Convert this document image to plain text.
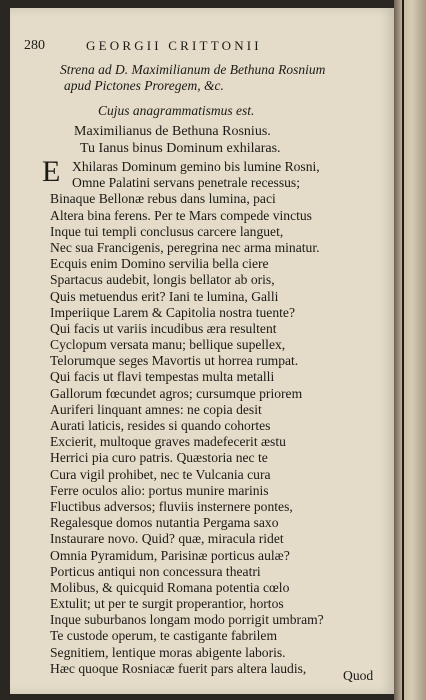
280	GEORGII CRITTONII
Strena ad D. Maximilianum de Bethuna Rosnium
apud Pictones Proregem, &c.
Cujus anagrammatismus est.
Maximilianus de Bethuna Rosnius.
Tu Ianus binus Dominum exhilaras.
E Xhilaras Dominum gemino bis lumine Rosni,
Omne Palatini servans penetrale recessus;
Binaque Bellonæ rebus dans lumina, paci
Altera bina ferens. Per te Mars compede vinctus
Inque tui templi conclusus carcere languet,
Nec sua Francigenis, peregrina nec arma minatur.
Ecquis enim Domino servilia bella ciere
Spartacus audebit, longis bellator ab oris,
Quis metuendus erit? Iani te lumina, Galli
Imperiique Larem & Capitolia nostra tuente?
Qui facis ut variis incudibus æra resultent
Cyclopum versata manu; bellique supellex,
Telorumque seges Mavortis ut horrea rumpat.
Qui facis ut flavi tempestas multa metalli
Gallorum fœcundet agros; cursumque priorem
Auriferi linquant amnes: ne copia desit
Aurati laticis, resides si quando cohortes
Excierit, multoque graves madefecerit æstu
Herrici pia curo patris. Quæstoria nec te
Cura vigil prohibet, nec te Vulcania cura
Ferre oculos alio: portus munire marinis
Fluctibus adversos; fluviis insternere pontes,
Regalesque domos nutantia Pergama saxo
Instaurare novo. Quid? quæ, miracula ridet
Omnia Pyramidum, Parisinæ porticus aulæ?
Porticus antiqui non concessura theatri
Molibus, & quicquid Romana potentia cœlo
Extulit; ut per te surgit properantior, hortos
Inque suburbanos longam modo porrigit umbram?
Te custode operum, te castigante fabrilem
Segnitiem, lentique moras abigente laboris.
Hæc quoque Rosniacæ fuerit pars altera laudis,	Quod
